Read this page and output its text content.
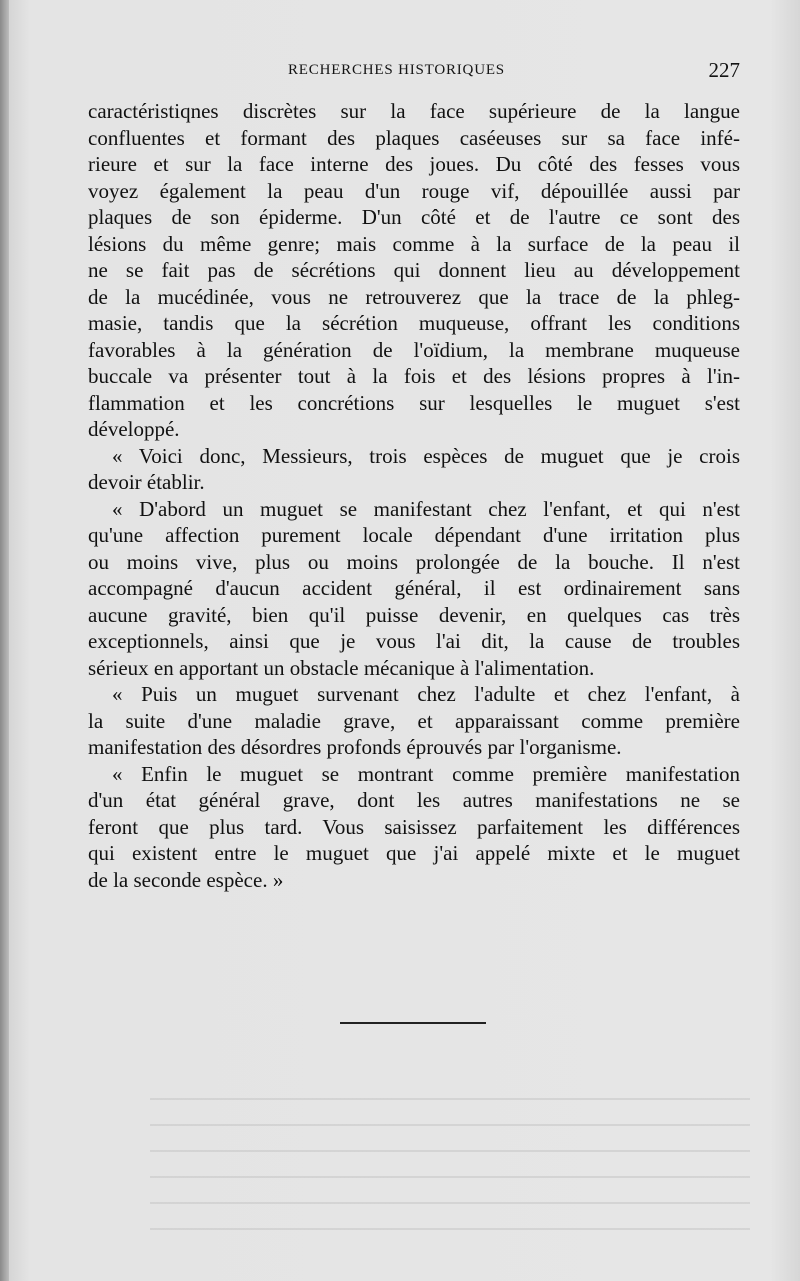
RECHERCHES HISTORIQUES	227
caractéristiqnes discrètes sur la face supérieure de la langue
confluentes et formant des plaques caséeuses sur sa face infé-
rieure et sur la face interne des joues. Du côté des fesses vous
voyez également la peau d'un rouge vif, dépouillée aussi par
plaques de son épiderme. D'un côté et de l'autre ce sont des
lésions du même genre; mais comme à la surface de la peau il
ne se fait pas de sécrétions qui donnent lieu au développement
de la mucédinée, vous ne retrouverez que la trace de la phleg-
masie, tandis que la sécrétion muqueuse, offrant les conditions
favorables à la génération de l'oïdium, la membrane muqueuse
buccale va présenter tout à la fois et des lésions propres à l'in-
flammation et les concrétions sur lesquelles le muguet s'est
développé.
« Voici donc, Messieurs, trois espèces de muguet que je crois
devoir établir.
« D'abord un muguet se manifestant chez l'enfant, et qui n'est
qu'une affection purement locale dépendant d'une irritation plus
ou moins vive, plus ou moins prolongée de la bouche. Il n'est
accompagné d'aucun accident général, il est ordinairement sans
aucune gravité, bien qu'il puisse devenir, en quelques cas très
exceptionnels, ainsi que je vous l'ai dit, la cause de troubles
sérieux en apportant un obstacle mécanique à l'alimentation.
« Puis un muguet survenant chez l'adulte et chez l'enfant, à
la suite d'une maladie grave, et apparaissant comme première
manifestation des désordres profonds éprouvés par l'organisme.
« Enfin le muguet se montrant comme première manifestation
d'un état général grave, dont les autres manifestations ne se
feront que plus tard. Vous saisissez parfaitement les différences
qui existent entre le muguet que j'ai appelé mixte et le muguet
de la seconde espèce. »
